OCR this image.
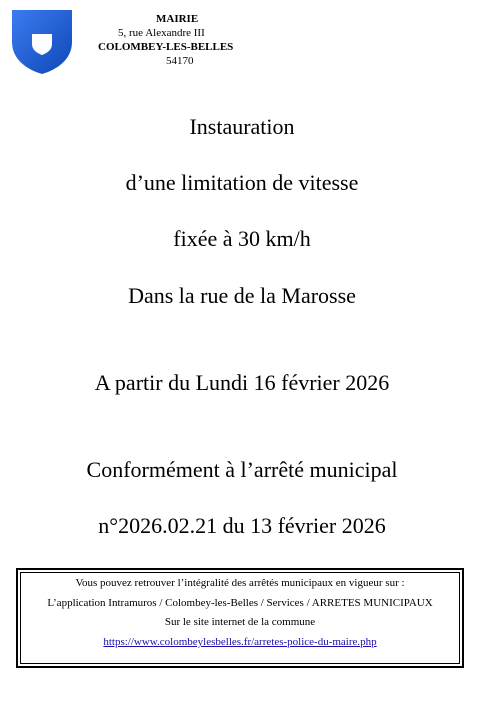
MAIRIE
5, rue Alexandre III
COLOMBEY-LES-BELLES
54170
Instauration
d’une limitation de vitesse
fixée à 30 km/h
Dans la rue de la Marosse
A partir du Lundi 16 février 2026
Conformément à l’arrêté municipal
n°2026.02.21 du 13 février 2026
Vous pouvez retrouver l’intégralité des arrêtés municipaux en vigueur sur :
L’application Intramuros / Colombey-les-Belles / Services / ARRETES MUNICIPAUX
Sur le site internet de la commune
https://www.colombeylesbelles.fr/arretes-police-du-maire.php
